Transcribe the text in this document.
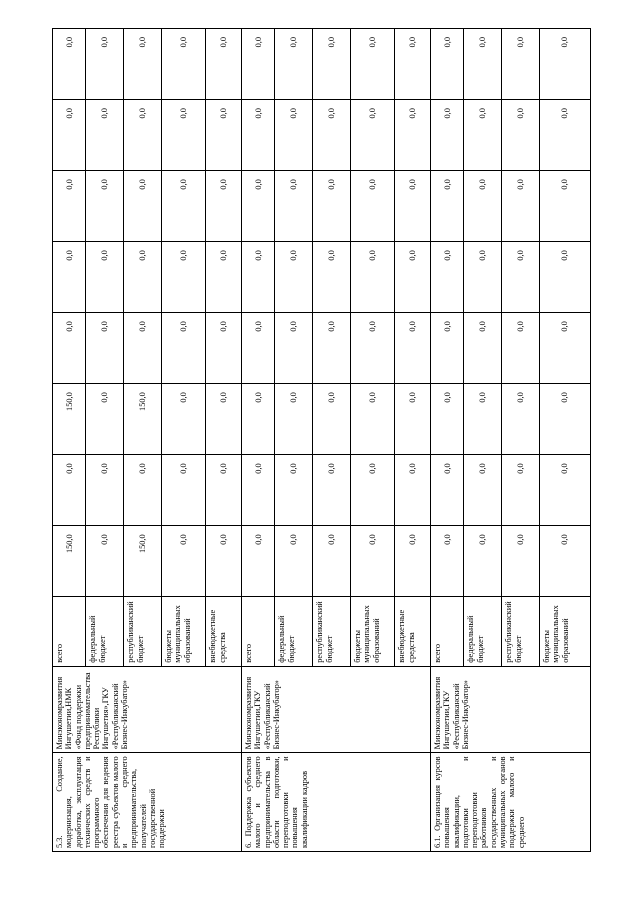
5.3. Создание, модернизация, доработка, эксплуатация технических средств и программного обеспечения для ведения реестра субъектов малого и среднего предпринимательства, получателей государственной поддержки	Минэкономразвития Ингушетии,НМК «Фонд поддержки предпринимательства Республики Ингушетия»,ГКУ «Республиканский Бизнес-Инкубатор»	всего	150,0	0,0	150,0	0,0	0,0	0,0	0,0	0,0
		федеральный бюджет	0,0	0,0	0,0	0,0	0,0	0,0	0,0	0,0
		республиканский бюджет	150,0	0,0	150,0	0,0	0,0	0,0	0,0	0,0
		бюджеты муниципальных образований	0,0	0,0	0,0	0,0	0,0	0,0	0,0	0,0
		внебюджетные средства	0,0	0,0	0,0	0,0	0,0	0,0	0,0	0,0
6. Поддержка субъектов малого и среднего предпринимательства в области подготовки, переподготовки и повышения квалификации кадров	Минэкономразвития Ингушетии,ГКУ «Республиканский Бизнес-Инкубатор»	всего	0,0	0,0	0,0	0,0	0,0	0,0	0,0	0,0
		федеральный бюджет	0,0	0,0	0,0	0,0	0,0	0,0	0,0	0,0
		республиканский бюджет	0,0	0,0	0,0	0,0	0,0	0,0	0,0	0,0
		бюджеты муниципальных образований	0,0	0,0	0,0	0,0	0,0	0,0	0,0	0,0
		внебюджетные средства	0,0	0,0	0,0	0,0	0,0	0,0	0,0	0,0
6.1. Организация курсов повышения квалификации, подготовки и переподготовки работников государственных и муниципальных органов поддержки малого и среднего	Минэкономразвития Ингушетии,ГКУ «Республиканский Бизнес-Инкубатор»	всего	0,0	0,0	0,0	0,0	0,0	0,0	0,0	0,0
		федеральный бюджет	0,0	0,0	0,0	0,0	0,0	0,0	0,0	0,0
		республиканский бюджет	0,0	0,0	0,0	0,0	0,0	0,0	0,0	0,0
		бюджеты муниципальных образований	0,0	0,0	0,0	0,0	0,0	0,0	0,0	0,0
